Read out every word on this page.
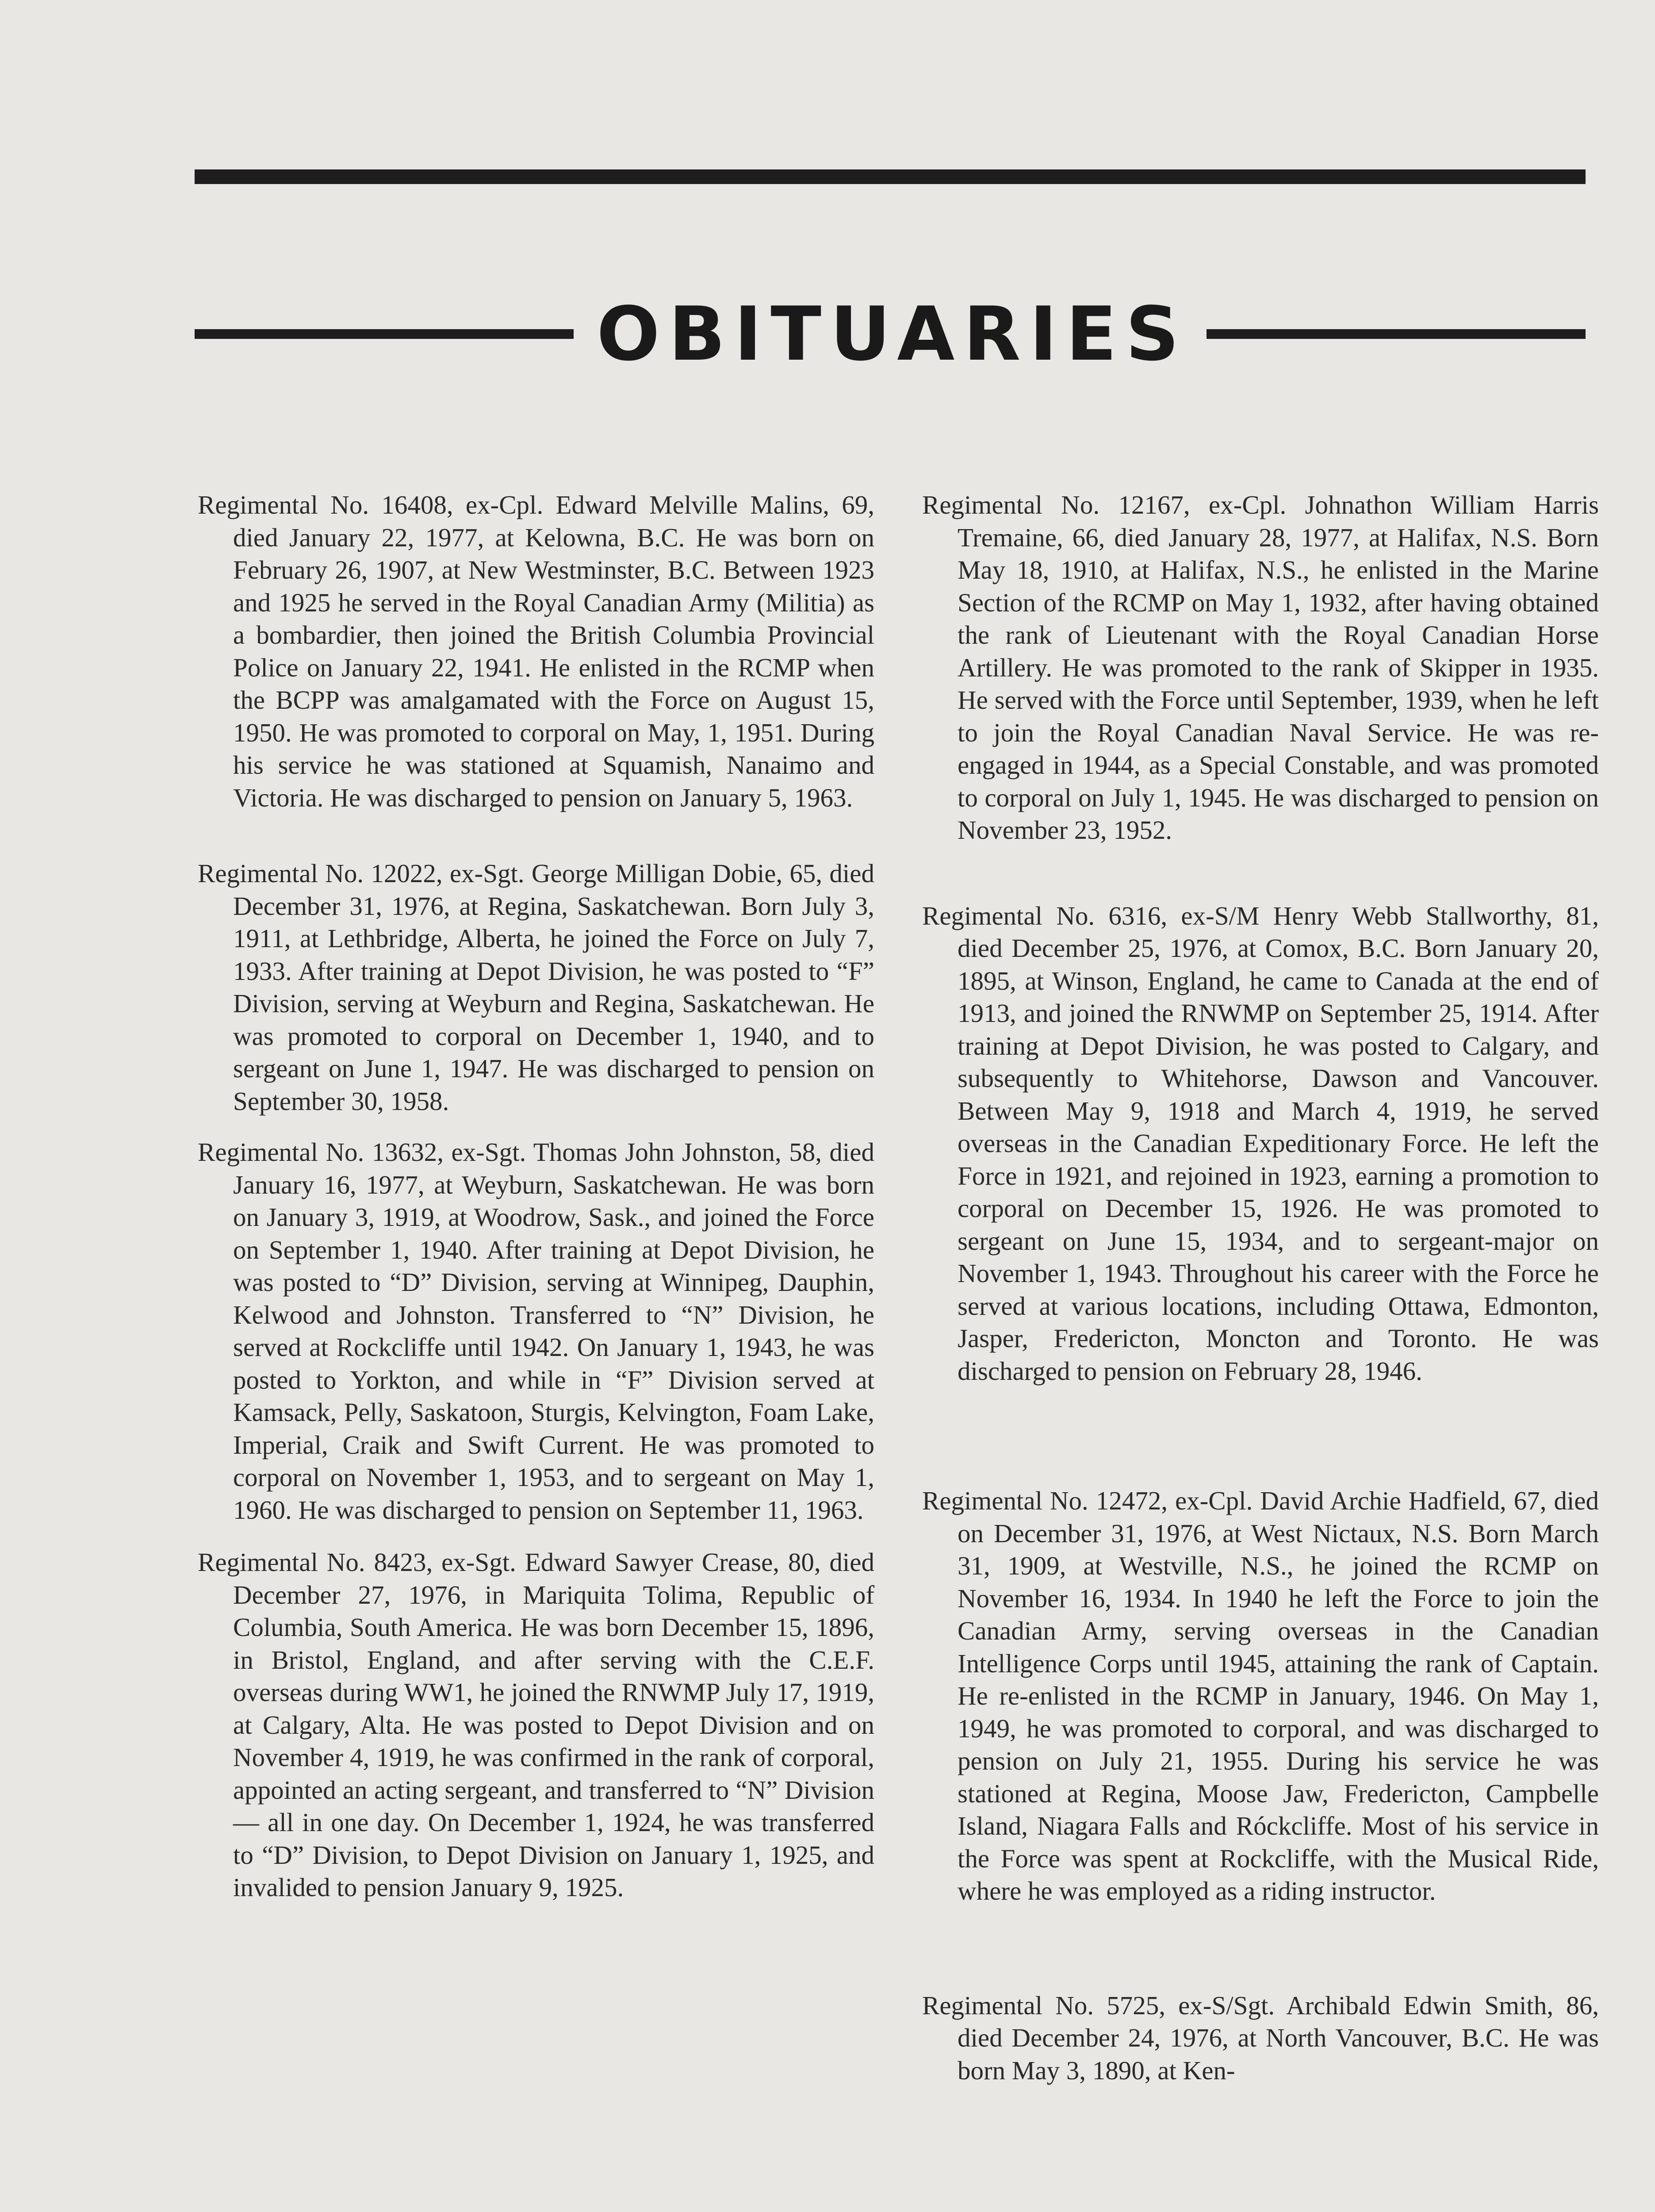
OBITUARIES

Regimental No. 16408, ex-Cpl. Edward Melville Malins, 69, died January 22, 1977, at Kelowna, B.C. He was born on February 26, 1907, at New Westminster, B.C. Between 1923 and 1925 he served in the Royal Canadian Army (Militia) as a bombardier, then joined the British Columbia Provincial Police on January 22, 1941. He enlisted in the RCMP when the BCPP was amalgamated with the Force on August 15, 1950. He was promoted to corporal on May, 1, 1951. During his service he was stationed at Squamish, Nanaimo and Victoria. He was discharged to pension on January 5, 1963.

Regimental No. 12022, ex-Sgt. George Milligan Dobie, 65, died December 31, 1976, at Regina, Saskatchewan. Born July 3, 1911, at Lethbridge, Alberta, he joined the Force on July 7, 1933. After training at Depot Division, he was posted to “F” Division, serving at Weyburn and Regina, Saskatchewan. He was promoted to corporal on December 1, 1940, and to sergeant on June 1, 1947. He was discharged to pension on September 30, 1958.

Regimental No. 13632, ex-Sgt. Thomas John Johnston, 58, died January 16, 1977, at Weyburn, Saskatchewan. He was born on January 3, 1919, at Woodrow, Sask., and joined the Force on September 1, 1940. After training at Depot Division, he was posted to “D” Division, serving at Winnipeg, Dauphin, Kelwood and Johnston. Transferred to “N” Division, he served at Rockcliffe until 1942. On January 1, 1943, he was posted to Yorkton, and while in “F” Division served at Kamsack, Pelly, Saskatoon, Sturgis, Kelvington, Foam Lake, Imperial, Craik and Swift Current. He was promoted to corporal on November 1, 1953, and to sergeant on May 1, 1960. He was discharged to pension on September 11, 1963.

Regimental No. 8423, ex-Sgt. Edward Sawyer Crease, 80, died December 27, 1976, in Mariquita Tolima, Republic of Columbia, South America. He was born December 15, 1896, in Bristol, England, and after serving with the C.E.F. overseas during WW1, he joined the RNWMP July 17, 1919, at Calgary, Alta. He was posted to Depot Division and on November 4, 1919, he was confirmed in the rank of corporal, appointed an acting sergeant, and transferred to “N” Division — all in one day. On December 1, 1924, he was transferred to “D” Division, to Depot Division on January 1, 1925, and invalided to pension January 9, 1925.

Regimental No. 12167, ex-Cpl. Johnathon William Harris Tremaine, 66, died January 28, 1977, at Halifax, N.S. Born May 18, 1910, at Halifax, N.S., he enlisted in the Marine Section of the RCMP on May 1, 1932, after having obtained the rank of Lieutenant with the Royal Canadian Horse Artillery. He was promoted to the rank of Skipper in 1935. He served with the Force until September, 1939, when he left to join the Royal Canadian Naval Service. He was re-engaged in 1944, as a Special Constable, and was promoted to corporal on July 1, 1945. He was discharged to pension on November 23, 1952.

Regimental No. 6316, ex-S/M Henry Webb Stallworthy, 81, died December 25, 1976, at Comox, B.C. Born January 20, 1895, at Winson, England, he came to Canada at the end of 1913, and joined the RNWMP on September 25, 1914. After training at Depot Division, he was posted to Calgary, and subsequently to Whitehorse, Dawson and Vancouver. Between May 9, 1918 and March 4, 1919, he served overseas in the Canadian Expeditionary Force. He left the Force in 1921, and rejoined in 1923, earning a promotion to corporal on December 15, 1926. He was promoted to sergeant on June 15, 1934, and to sergeant-major on November 1, 1943. Throughout his career with the Force he served at various locations, including Ottawa, Edmonton, Jasper, Fredericton, Moncton and Toronto. He was discharged to pension on February 28, 1946.

Regimental No. 12472, ex-Cpl. David Archie Hadfield, 67, died on December 31, 1976, at West Nictaux, N.S. Born March 31, 1909, at Westville, N.S., he joined the RCMP on November 16, 1934. In 1940 he left the Force to join the Canadian Army, serving overseas in the Canadian Intelligence Corps until 1945, attaining the rank of Captain. He re-enlisted in the RCMP in January, 1946. On May 1, 1949, he was promoted to corporal, and was discharged to pension on July 21, 1955. During his service he was stationed at Regina, Moose Jaw, Fredericton, Campbelle Island, Niagara Falls and Róckcliffe. Most of his service in the Force was spent at Rockcliffe, with the Musical Ride, where he was employed as a riding instructor.

Regimental No. 5725, ex-S/Sgt. Archibald Edwin Smith, 86, died December 24, 1976, at North Vancouver, B.C. He was born May 3, 1890, at Ken-
